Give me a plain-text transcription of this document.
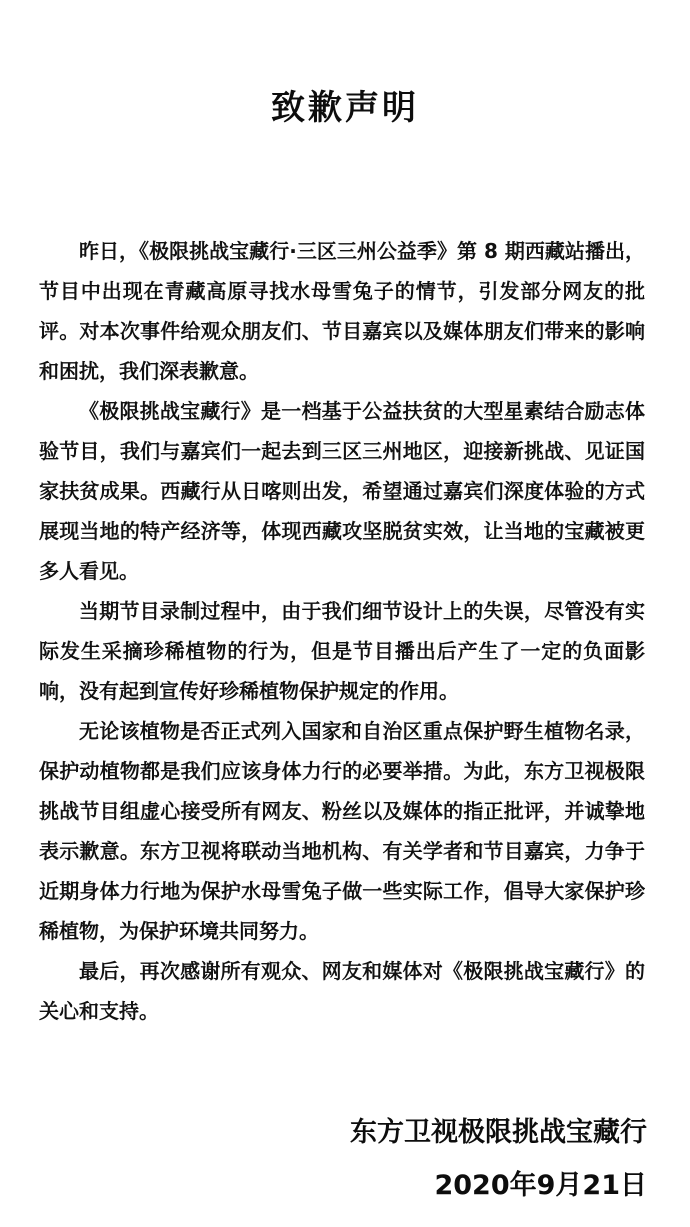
致歉声明

昨日，《极限挑战宝藏行·三区三州公益季》第 8 期西藏站播出，节目中出现在青藏高原寻找水母雪兔子的情节，引发部分网友的批评。对本次事件给观众朋友们、节目嘉宾以及媒体朋友们带来的影响和困扰，我们深表歉意。

《极限挑战宝藏行》是一档基于公益扶贫的大型星素结合励志体验节目，我们与嘉宾们一起去到三区三州地区，迎接新挑战、见证国家扶贫成果。西藏行从日喀则出发，希望通过嘉宾们深度体验的方式展现当地的特产经济等，体现西藏攻坚脱贫实效，让当地的宝藏被更多人看见。

当期节目录制过程中，由于我们细节设计上的失误，尽管没有实际发生采摘珍稀植物的行为，但是节目播出后产生了一定的负面影响，没有起到宣传好珍稀植物保护规定的作用。

无论该植物是否正式列入国家和自治区重点保护野生植物名录，保护动植物都是我们应该身体力行的必要举措。为此，东方卫视极限挑战节目组虚心接受所有网友、粉丝以及媒体的指正批评，并诚挚地表示歉意。东方卫视将联动当地机构、有关学者和节目嘉宾，力争于近期身体力行地为保护水母雪兔子做一些实际工作，倡导大家保护珍稀植物，为保护环境共同努力。

最后，再次感谢所有观众、网友和媒体对《极限挑战宝藏行》的关心和支持。

东方卫视极限挑战宝藏行
2020年9月21日
